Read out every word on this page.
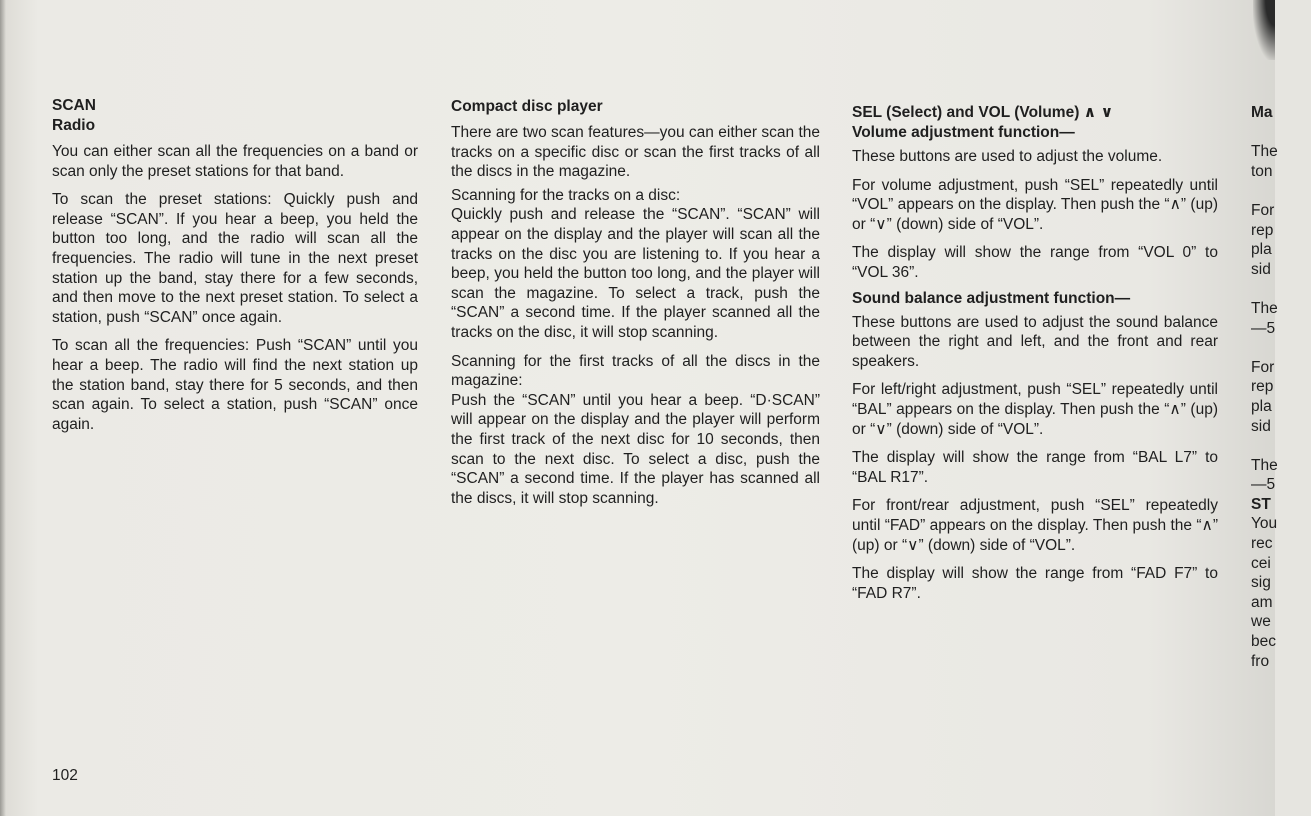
SCAN

Radio

You can either scan all the frequencies on a band or scan only the preset stations for that band.

To scan the preset stations: Quickly push and release “SCAN”. If you hear a beep, you held the button too long, and the radio will scan all the frequencies. The radio will tune in the next preset station up the band, stay there for a few seconds, and then move to the next preset station. To select a station, push “SCAN” once again.

To scan all the frequencies: Push “SCAN” until you hear a beep. The radio will find the next station up the station band, stay there for 5 seconds, and then scan again. To select a station, push “SCAN” once again.

Compact disc player

There are two scan features—you can either scan the tracks on a specific disc or scan the first tracks of all the discs in the magazine.

Scanning for the tracks on a disc:

Quickly push and release the “SCAN”. “SCAN” will appear on the display and the player will scan all the tracks on the disc you are listening to. If you hear a beep, you held the button too long, and the player will scan the magazine. To select a track, push the “SCAN” a second time. If the player scanned all the tracks on the disc, it will stop scanning.

Scanning for the first tracks of all the discs in the magazine:

Push the “SCAN” until you hear a beep. “D·SCAN” will appear on the display and the player will perform the first track of the next disc for 10 seconds, then scan to the next disc. To select a disc, push the “SCAN” a second time. If the player has scanned all the discs, it will stop scanning.

SEL (Select) and VOL (Volume) ∧ ∨

Volume adjustment function—

These buttons are used to adjust the volume.

For volume adjustment, push “SEL” repeatedly until “VOL” appears on the display. Then push the “∧” (up) or “∨” (down) side of “VOL”.

The display will show the range from “VOL 0” to “VOL 36”.

Sound balance adjustment function—

These buttons are used to adjust the sound balance between the right and left, and the front and rear speakers.

For left/right adjustment, push “SEL” repeatedly until “BAL” appears on the display. Then push the “∧” (up) or “∨” (down) side of “VOL”.

The display will show the range from “BAL L7” to “BAL R17”.

For front/rear adjustment, push “SEL” repeatedly until “FAD” appears on the display. Then push the “∧” (up) or “∨” (down) side of “VOL”.

The display will show the range from “FAD F7” to “FAD R7”.

Ma

The
ton

For
rep
pla
sid

The
—5

For
rep
pla
sid

The
—5
ST
You
rec
cei
sig
am
we
bec
fro
102
